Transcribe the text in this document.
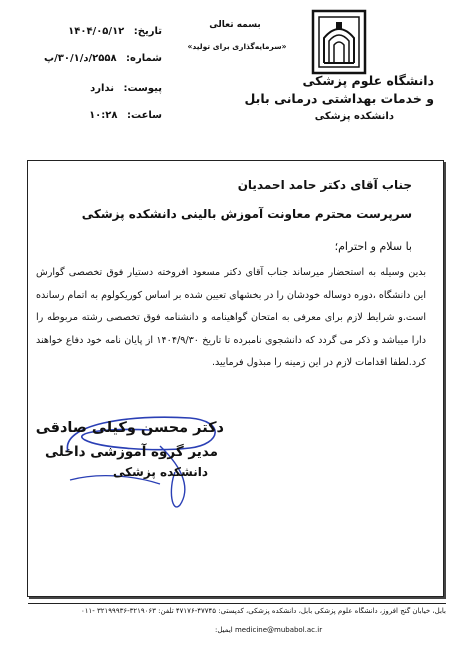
بسمه تعالی
«سرمایه‌گذاری برای تولید»
دانشگاه علوم پزشکی
و خدمات بهداشتی درمانی بابل
دانشکده پزشکی
تاریخ: ۱۴۰۴/۰۵/۱۲
شماره: ۲۵۵۸/د/۳۰/۱/پ
پیوست: ندارد
ساعت: ۱۰:۲۸
جناب آقای دکتر حامد احمدیان
سرپرست محترم معاونت آموزش بالینی دانشکده پزشکی
با سلام و احترام؛
بدین وسیله به استحضار میرساند جناب آقای دکتر مسعود افروخته دستیار فوق تخصصی گوارش این دانشگاه ،دوره دوساله خودشان را در بخشهای تعیین شده بر اساس کوریکولوم به اتمام رسانده است.و شرایط لازم برای معرفی به امتحان گواهینامه و دانشنامه فوق تخصصی رشته مربوطه را دارا میباشد و ذکر می گردد که دانشجوی نامبرده تا تاریخ ۱۴۰۴/۹/۳۰ از پایان نامه خود دفاع خواهند کرد.لطفا اقدامات لازم در این زمینه را مبذول فرمایید.
دکتر محسن وکیلی صادقی
مدیر گروه آموزشی داخلی
دانشکده پزشکی
بابل، خیابان گنج افروز، دانشگاه علوم پزشکی بابل، دانشکده پزشکی، کدپستی: ۴۷۷۴۵-۴۷۱۷۶ تلفن: ۳۲۱۹۰۶۳-۳۲۱۹۹۹۳۶ -۰۱۱
medicine@mubabol.ac.ir ایمیل:
